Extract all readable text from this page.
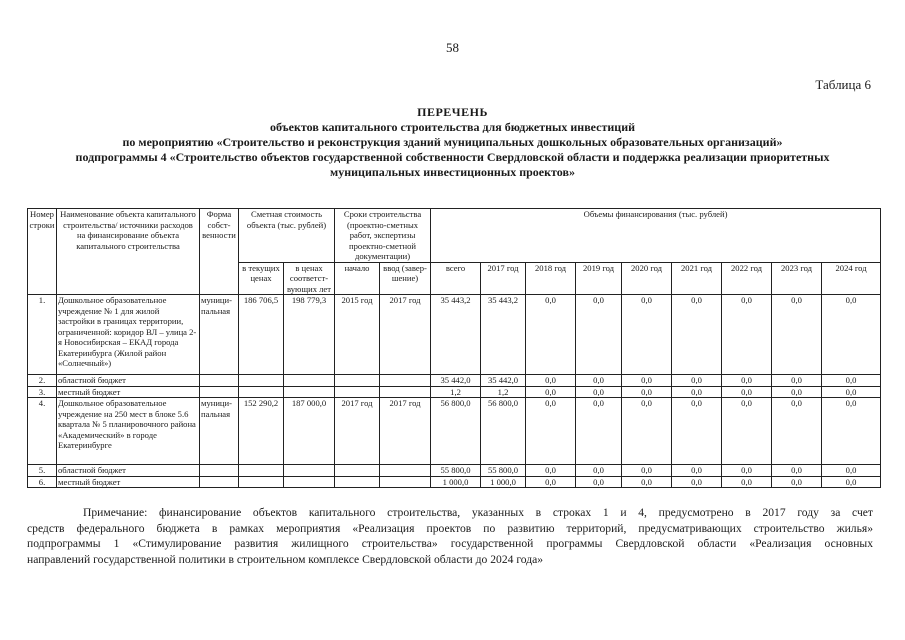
58
Таблица 6
ПЕРЕЧЕНЬ
объектов капитального строительства для бюджетных инвестиций
по мероприятию «Строительство и реконструкция зданий муниципальных дошкольных образовательных организаций»
подпрограммы 4 «Строительство объектов государственной собственности Свердловской области и поддержка реализации приоритетных
муниципальных инвестиционных проектов»
Номер строки	Наименование объекта капитального строительства/ источники расходов на финансирование объекта капитального строительства	Форма собст-венности	Сметная стоимость объекта (тыс. рублей)		Сроки строительства (проектно-сметных работ, экспертизы проектно-сметной документации)		Объемы финансирования (тыс. рублей)								
			в текущих ценах	в ценах соответст-вующих лет	начало	ввод (завер-шение)	всего	2017 год	2018 год	2019 год	2020 год	2021 год	2022 год	2023 год	2024 год
1.	Дошкольное образовательное учреждение № 1 для жилой застройки в границах территории, ограниченной: коридор ВЛ – улица 2-я Новосибирская – ЕКАД города Екатеринбурга (Жилой район «Солнечный»)	муници-пальная	186 706,5	198 779,3	2015 год	2017 год	35 443,2	35 443,2	0,0	0,0	0,0	0,0	0,0	0,0	0,0
2.	областной бюджет						35 442,0	35 442,0	0,0	0,0	0,0	0,0	0,0	0,0	0,0
3.	местный бюджет						1,2	1,2	0,0	0,0	0,0	0,0	0,0	0,0	0,0
4.	Дошкольное образовательное учреждение на 250 мест в блоке 5.6 квартала № 5 планировочного района «Академический» в городе Екатеринбурге	муници-пальная	152 290,2	187 000,0	2017 год	2017 год	56 800,0	56 800,0	0,0	0,0	0,0	0,0	0,0	0,0	0,0
5.	областной бюджет						55 800,0	55 800,0	0,0	0,0	0,0	0,0	0,0	0,0	0,0
6.	местный бюджет						1 000,0	1 000,0	0,0	0,0	0,0	0,0	0,0	0,0	0,0
Примечание: финансирование объектов капитального строительства, указанных в строках 1 и 4, предусмотрено в 2017 году за счет
средств федерального бюджета в рамках мероприятия «Реализация проектов по развитию территорий, предусматривающих строительство жилья»
подпрограммы 1 «Стимулирование развития жилищного строительства» государственной программы Свердловской области «Реализация основных
направлений государственной политики в строительном комплексе Свердловской области до 2024 года»
